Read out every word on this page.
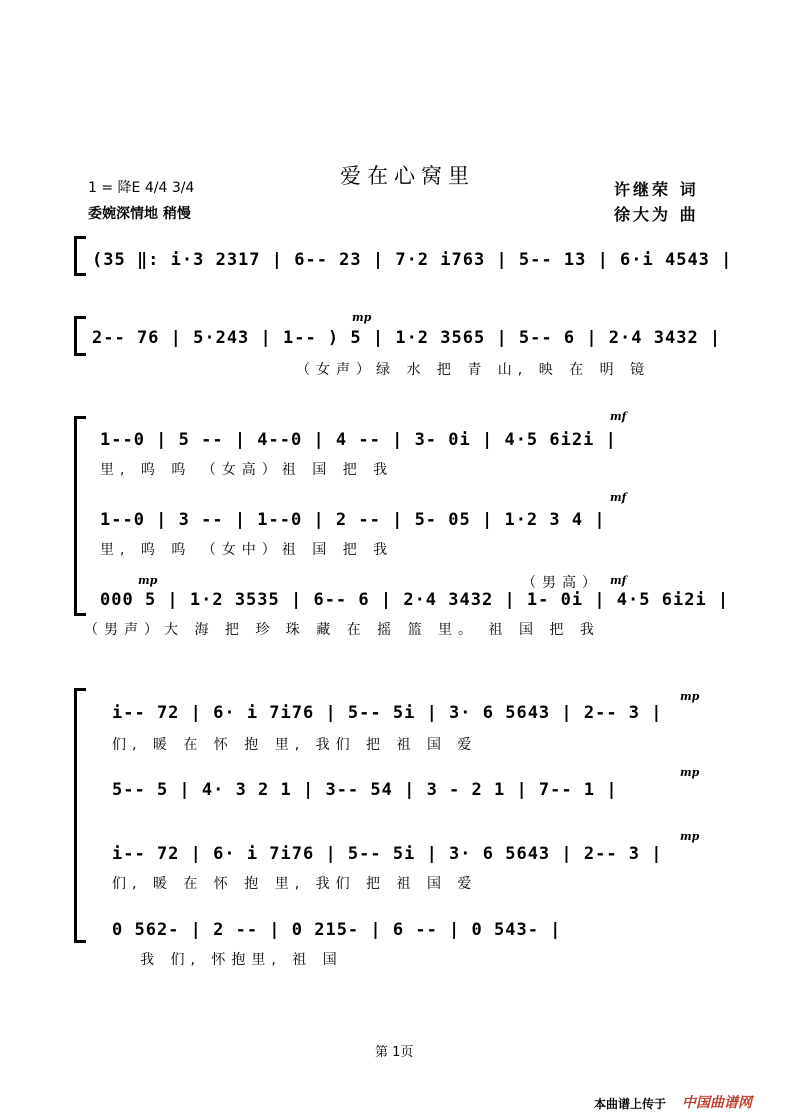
爱在心窝里
1 = 降E 4/4 3/4
委婉深情地 稍慢
许继荣 词
徐大为 曲
(35 ‖: i·3 2317 | 6-- 23 | 7·2 i763 | 5-- 13 | 6·i 4543 |
2-- 76 | 5·243 | 1-- ) 5 | 1·2 3565 | 5-- 6 | 2·4 3432 |
（女声）绿 水 把 青 山, 映 在 明 镜
mp
1--0 | 5 -- | 4--0 | 4 -- | 3- 0i | 4·5 6i2i |
里, 呜 呜 （女高）祖 国 把 我
mf
1--0 | 3 -- | 1--0 | 2 -- | 5- 05 | 1·2 3 4 |
里, 呜 呜 （女中）祖 国 把 我
mf
（男高）
000 5 | 1·2 3535 | 6-- 6 | 2·4 3432 | 1- 0i | 4·5 6i2i |
（男声）大 海 把 珍 珠 藏 在 摇 篮 里。 祖 国 把 我
mp	mf
i-- 72 | 6· i 7i76 | 5-- 5i | 3· 6 5643 | 2-- 3 |
们, 暖 在 怀 抱 里, 我们 把 祖 国 爱
mp
5-- 5 | 4· 3 2 1 | 3-- 54 | 3 - 2 1 | 7-- 1 |
mp
i-- 72 | 6· i 7i76 | 5-- 5i | 3· 6 5643 | 2-- 3 |
们, 暖 在 怀 抱 里, 我们 把 祖 国 爱
mp
0 562- | 2 -- | 0 215- | 6 -- | 0 543- |
我 们, 怀抱里, 祖 国
第 1页
本曲谱上传于 中国曲谱网
